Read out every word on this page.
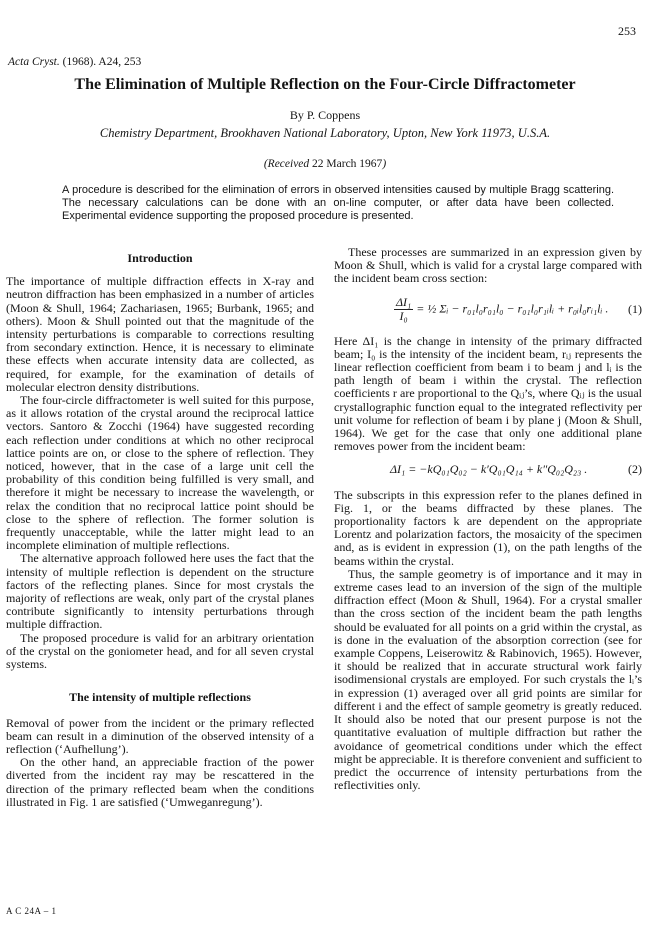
253
Acta Cryst. (1968). A24, 253
The Elimination of Multiple Reflection on the Four-Circle Diffractometer
By P. Coppens
Chemistry Department, Brookhaven National Laboratory, Upton, New York 11973, U.S.A.
(Received 22 March 1967)

A procedure is described for the elimination of errors in observed intensities caused by multiple Bragg scattering. The necessary calculations can be done with an on-line computer, or after data have been collected. Experimental evidence supporting the proposed procedure is presented.

Introduction

The importance of multiple diffraction effects in X-ray and neutron diffraction has been emphasized in a number of articles (Moon & Shull, 1964; Zachariasen, 1965; Burbank, 1965; and others). Moon & Shull pointed out that the magnitude of the intensity perturbations is comparable to corrections resulting from secondary extinction. Hence, it is necessary to eliminate these effects when accurate intensity data are collected, as required, for example, for the examination of details of molecular electron density distributions.

The four-circle diffractometer is well suited for this purpose, as it allows rotation of the crystal around the reciprocal lattice vectors. Santoro & Zocchi (1964) have suggested recording each reflection under conditions at which no other reciprocal lattice points are on, or close to the sphere of reflection. They noticed, however, that in the case of a large unit cell the probability of this condition being fulfilled is very small, and therefore it might be necessary to increase the wavelength, or relax the condition that no reciprocal lattice point should be close to the sphere of reflection. The former solution is frequently unacceptable, while the latter might lead to an incomplete elimination of multiple reflections.

The alternative approach followed here uses the fact that the intensity of multiple reflection is dependent on the structure factors of the reflecting planes. Since for most crystals the majority of reflections are weak, only part of the crystal planes contribute significantly to intensity perturbations through multiple diffraction.

The proposed procedure is valid for an arbitrary orientation of the crystal on the goniometer head, and for all seven crystal systems.

The intensity of multiple reflections

Removal of power from the incident or the primary reflected beam can result in a diminution of the observed intensity of a reflection (‘Aufhellung’).

On the other hand, an appreciable fraction of the power diverted from the incident ray may be rescattered in the direction of the primary reflected beam when the conditions illustrated in Fig. 1 are satisfied (‘Umweganregung’).

These processes are summarized in an expression given by Moon & Shull, which is valid for a crystal large compared with the incident beam cross section:

$\frac{\text{ΔI₁}}{\text{I₀}}$ = ½ Σᵢ − r₀₁l₀r₀₁l₀ − r₀₁l₀r₁ᵢlᵢ + r₀ᵢl₀rᵢ₁lᵢ . (1)

Here ΔI₁ is the change in intensity of the primary diffracted beam; I₀ is the intensity of the incident beam, rᵢⱼ represents the linear reflection coefficient from beam i to beam j and lᵢ is the path length of beam i within the crystal. The reflection coefficients r are proportional to the Qᵢⱼ’s, where Qᵢⱼ is the usual crystallographic function equal to the integrated reflectivity per unit volume for reflection of beam i by plane j (Moon & Shull, 1964). We get for the case that only one additional plane removes power from the incident beam:

ΔI₁ = −kQ₀₁Q₀₂ − k′Q₀₁Q₁₄ + k″Q₀₂Q₂₃ .	(2)

The subscripts in this expression refer to the planes defined in Fig. 1, or the beams diffracted by these planes. The proportionality factors k are dependent on the appropriate Lorentz and polarization factors, the mosaicity of the specimen and, as is evident in expression (1), on the path lengths of the beams within the crystal.

Thus, the sample geometry is of importance and it may in extreme cases lead to an inversion of the sign of the multiple diffraction effect (Moon & Shull, 1964). For a crystal smaller than the cross section of the incident beam the path lengths should be evaluated for all points on a grid within the crystal, as is done in the evaluation of the absorption correction (see for example Coppens, Leiserowitz & Rabinovich, 1965). However, it should be realized that in accurate structural work fairly isodimensional crystals are employed. For such crystals the lᵢ’s in expression (1) averaged over all grid points are similar for different i and the effect of sample geometry is greatly reduced. It should also be noted that our present purpose is not the quantitative evaluation of multiple diffraction but rather the avoidance of geometrical conditions under which the effect might be appreciable. It is therefore convenient and sufficient to predict the occurrence of intensity perturbations from the reflectivities only.

A C 24A – 1
